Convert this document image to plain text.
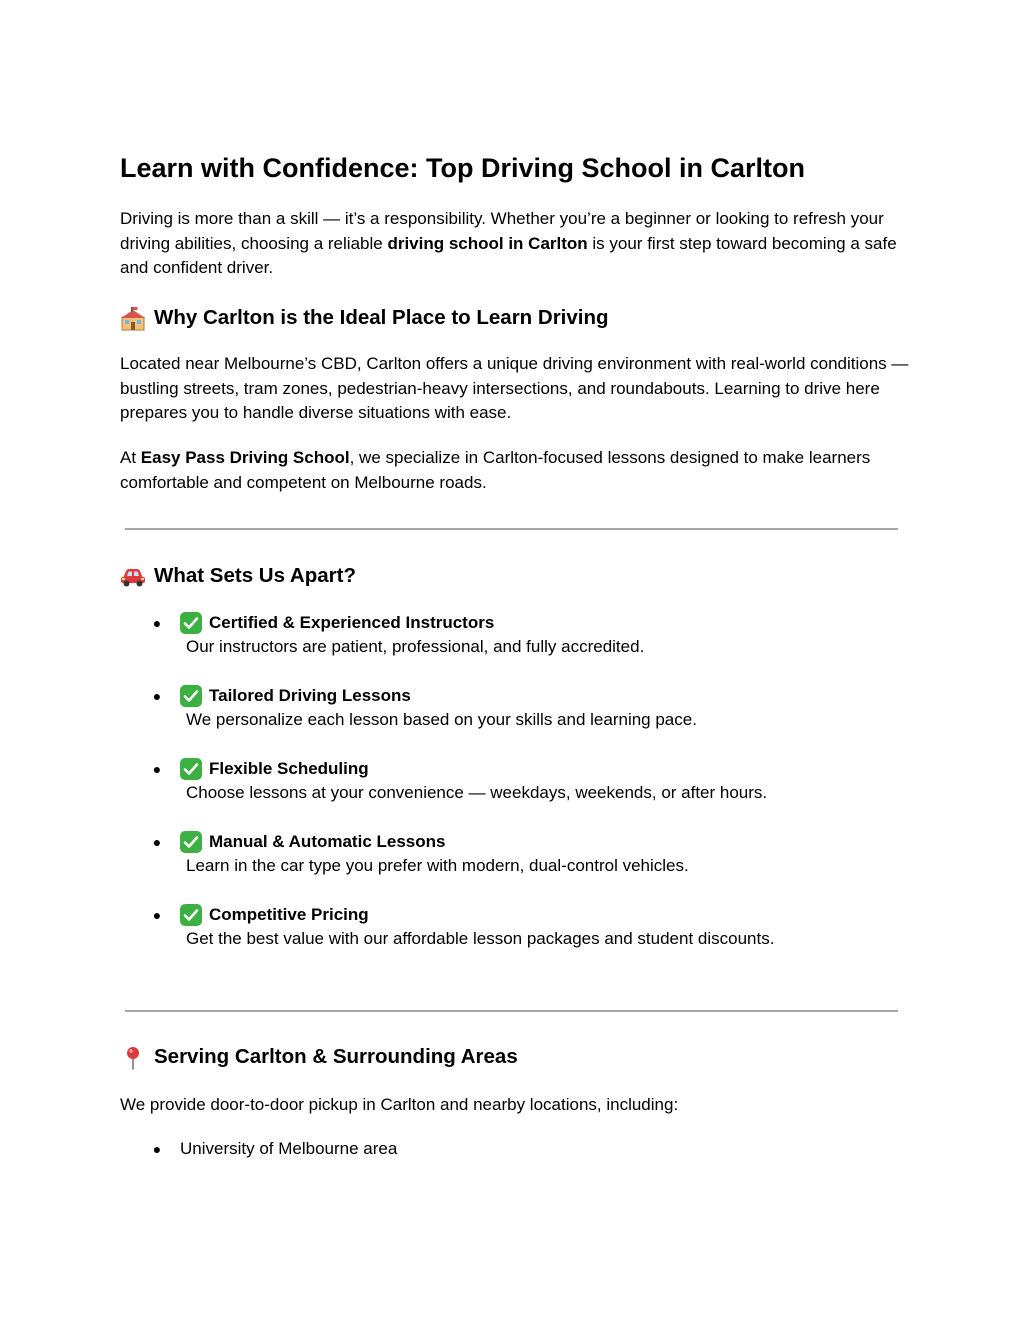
Learn with Confidence: Top Driving School in Carlton

Driving is more than a skill — it’s a responsibility. Whether you’re a beginner or looking to refresh your driving abilities, choosing a reliable driving school in Carlton is your first step toward becoming a safe and confident driver.

Why Carlton is the Ideal Place to Learn Driving

Located near Melbourne’s CBD, Carlton offers a unique driving environment with real-world conditions — bustling streets, tram zones, pedestrian-heavy intersections, and roundabouts. Learning to drive here prepares you to handle diverse situations with ease.

At Easy Pass Driving School, we specialize in Carlton-focused lessons designed to make learners comfortable and competent on Melbourne roads.

What Sets Us Apart?
●	Certified & Experienced Instructors
Our instructors are patient, professional, and fully accredited.
●	Tailored Driving Lessons
We personalize each lesson based on your skills and learning pace.
●	Flexible Scheduling
Choose lessons at your convenience — weekdays, weekends, or after hours.
●	Manual & Automatic Lessons
Learn in the car type you prefer with modern, dual-control vehicles.
●	Competitive Pricing
Get the best value with our affordable lesson packages and student discounts.
Serving Carlton & Surrounding Areas

We provide door-to-door pickup in Carlton and nearby locations, including:

● University of Melbourne area
